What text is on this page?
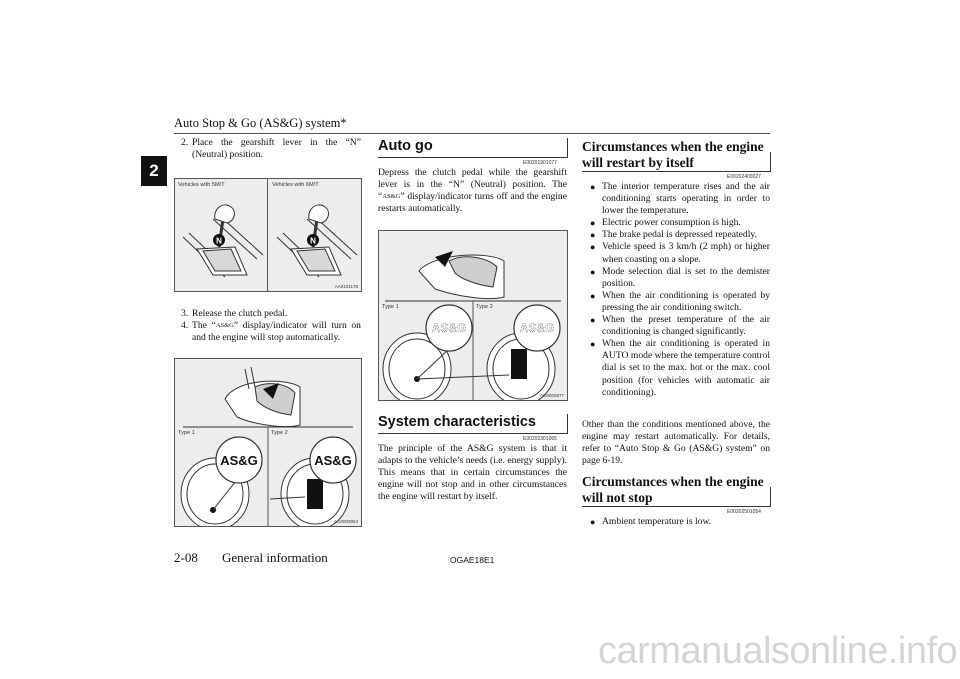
Auto Stop & Go (AS&G) system*
2
2. Place the gearshift lever in the “N” (Neutral) position.
Vehicles with 5M/T	Vehicles with 6M/T
N	N
AA0101178
3. Release the clutch pedal.
4. The “AS&G” display/indicator will turn on and the engine will stop automatically.
AS&G	AS&G
Type 1	Type 2
AG0003864
Auto go
E00201901077
Depress the clutch pedal while the gearshift lever is in the “N” (Neutral) position. The “AS&G” display/indicator turns off and the engine restarts automatically.
AS&G	AS&G
Type 1	Type 2
AG0003877
System characteristics
E00202301065
The principle of the AS&G system is that it adapts to the vehicle’s needs (i.e. energy supply). This means that in certain circumstances the engine will not stop and in other circumstances the engine will restart by itself.
Circumstances when the engine
will restart by itself
E00202400027
● The interior temperature rises and the air conditioning starts operating in order to lower the temperature.
● Electric power consumption is high.
● The brake pedal is depressed repeatedly.
● Vehicle speed is 3 km/h (2 mph) or higher when coasting on a slope.
● Mode selection dial is set to the demister position.
● When the air conditioning is operated by pressing the air conditioning switch.
● When the preset temperature of the air conditioning is changed significantly.
● When the air conditioning is operated in AUTO mode where the temperature control dial is set to the max. hot or the max. cool position (for vehicles with automatic air conditioning).
Other than the conditions mentioned above, the engine may restart automatically. For details, refer to “Auto Stop & Go (AS&G) system” on page 6-19.
Circumstances when the engine
will not stop
E00202501054
● Ambient temperature is low.
2-08 General information	OGAE18E1
carmanualsonline.info
